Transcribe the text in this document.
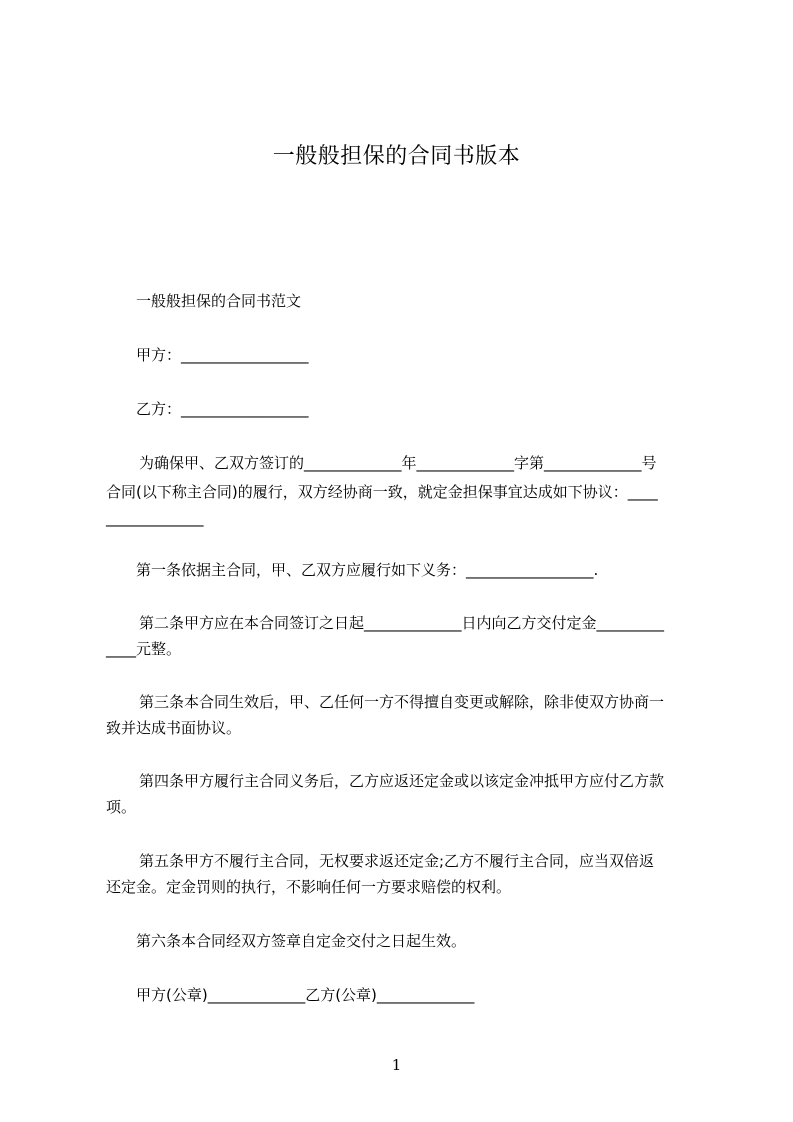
一般般担保的合同书版本
一般般担保的合同书范文
甲方：_________________
乙方：_________________
为确保甲、乙双方签订的_____________年_____________字第_____________号
合同(以下称主合同)的履行，双方经协商一致，就定金担保事宜达成如下协议：____
_____________
第一条依据主合同，甲、乙双方应履行如下义务：_________________.
第二条甲方应在本合同签订之日起_____________日内向乙方交付定金_________
____元整。
第三条本合同生效后，甲、乙任何一方不得擅自变更或解除，除非使双方协商一
致并达成书面协议。
第四条甲方履行主合同义务后，乙方应返还定金或以该定金冲抵甲方应付乙方款
项。
第五条甲方不履行主合同，无权要求返还定金;乙方不履行主合同，应当双倍返
还定金。定金罚则的执行，不影响任何一方要求赔偿的权利。
第六条本合同经双方签章自定金交付之日起生效。
甲方(公章)_____________乙方(公章)_____________
1
